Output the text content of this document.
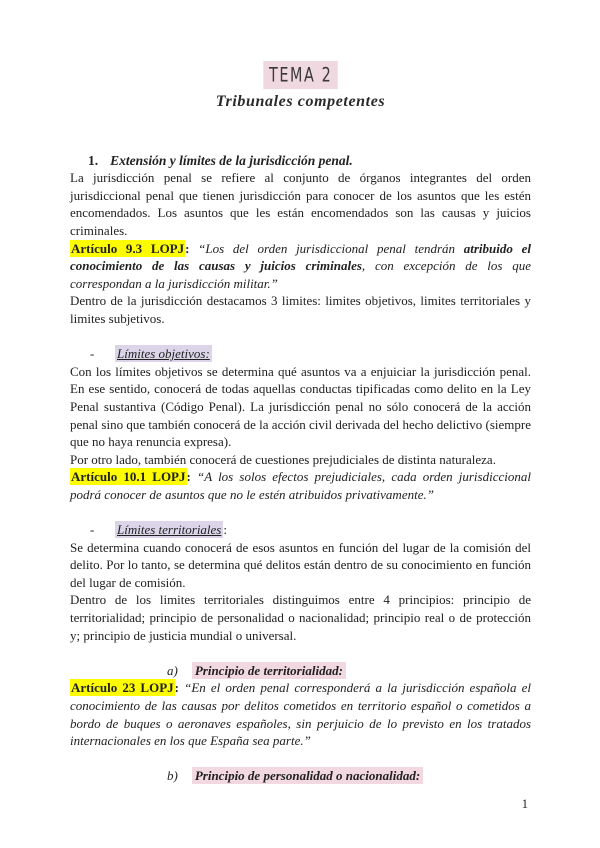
TEMA 2
Tribunales competentes
1. Extensión y límites de la jurisdicción penal.

La jurisdicción penal se refiere al conjunto de órganos integrantes del orden jurisdiccional penal que tienen jurisdicción para conocer de los asuntos que les estén encomendados. Los asuntos que les están encomendados son las causas y juicios criminales.

Artículo 9.3 LOPJ: “Los del orden jurisdiccional penal tendrán atribuido el conocimiento de las causas y juicios criminales, con excepción de los que correspondan a la jurisdicción militar.”

Dentro de la jurisdicción destacamos 3 limites: limites objetivos, limites territoriales y limites subjetivos.

- Límites objetivos:

Con los límites objetivos se determina qué asuntos va a enjuiciar la jurisdicción penal. En ese sentido, conocerá de todas aquellas conductas tipificadas como delito en la Ley Penal sustantiva (Código Penal). La jurisdicción penal no sólo conocerá de la acción penal sino que también conocerá de la acción civil derivada del hecho delictivo (siempre que no haya renuncia expresa).

Por otro lado, también conocerá de cuestiones prejudiciales de distinta naturaleza.

Artículo 10.1 LOPJ: “A los solos efectos prejudiciales, cada orden jurisdiccional podrá conocer de asuntos que no le estén atribuidos privativamente.”

- Límites territoriales :

Se determina cuando conocerá de esos asuntos en función del lugar de la comisión del delito. Por lo tanto, se determina qué delitos están dentro de su conocimiento en función del lugar de comisión.

Dentro de los limites territoriales distinguimos entre 4 principios: principio de territorialidad; principio de personalidad o nacionalidad; principio real o de protección y; principio de justicia mundial o universal.

a) Principio de territorialidad:

Artículo 23 LOPJ: “En el orden penal corresponderá a la jurisdicción española el conocimiento de las causas por delitos cometidos en territorio español o cometidos a bordo de buques o aeronaves españoles, sin perjuicio de lo previsto en los tratados internacionales en los que España sea parte.”

b) Principio de personalidad o nacionalidad:
1
